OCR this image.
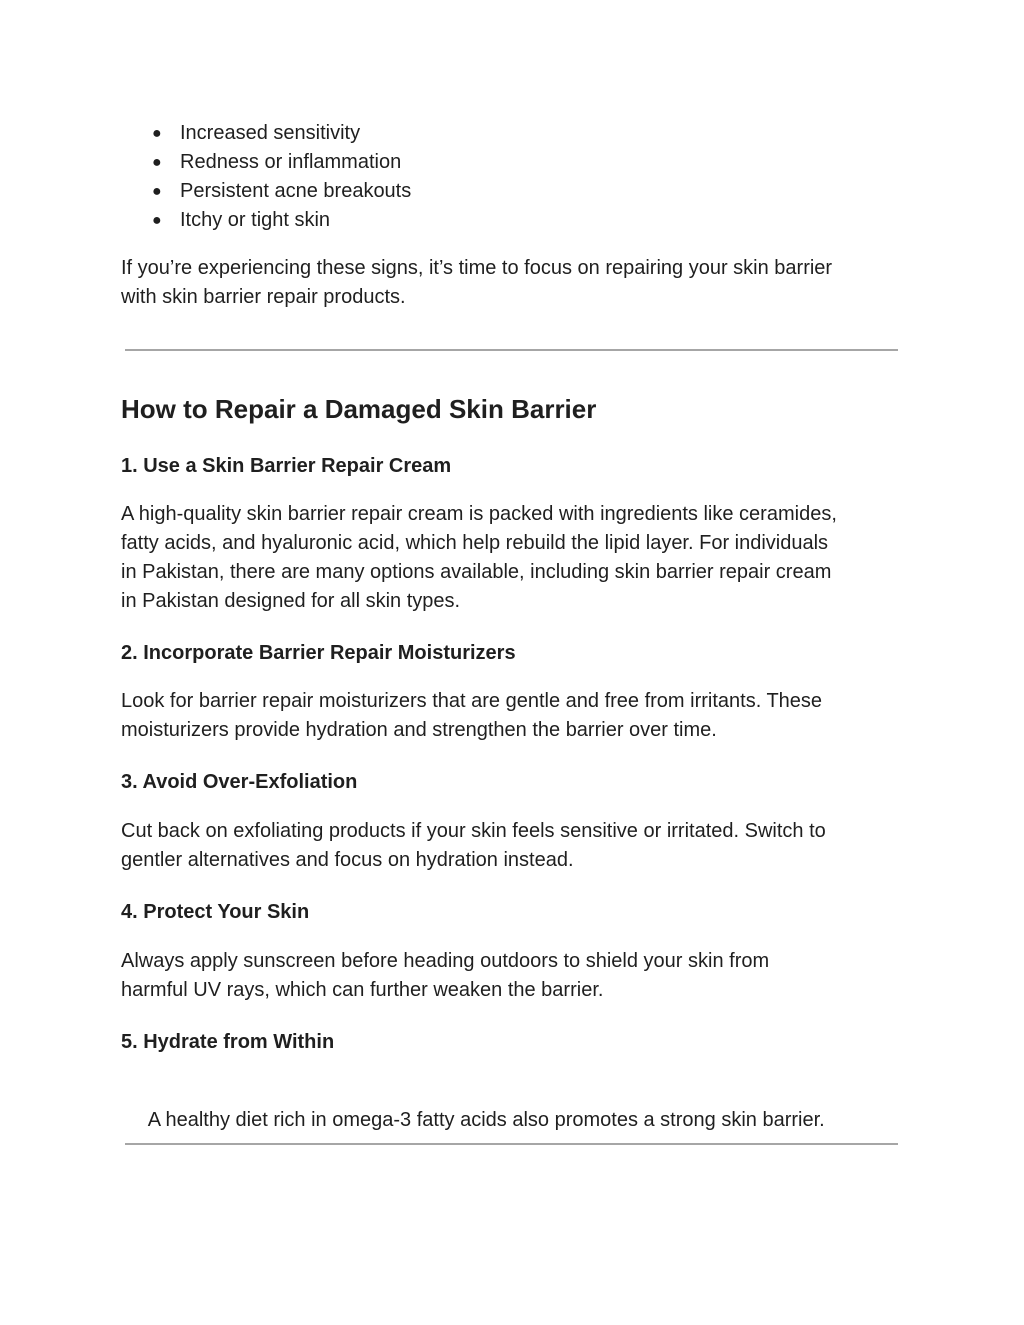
● Increased sensitivity
● Redness or inflammation
● Persistent acne breakouts
● Itchy or tight skin

If you’re experiencing these signs, it’s time to focus on repairing your skin barrier
with skin barrier repair products.

How to Repair a Damaged Skin Barrier
1. Use a Skin Barrier Repair Cream

A high-quality skin barrier repair cream is packed with ingredients like ceramides,
fatty acids, and hyaluronic acid, which help rebuild the lipid layer. For individuals
in Pakistan, there are many options available, including skin barrier repair cream
in Pakistan designed for all skin types.

2. Incorporate Barrier Repair Moisturizers

Look for barrier repair moisturizers that are gentle and free from irritants. These
moisturizers provide hydration and strengthen the barrier over time.

3. Avoid Over-Exfoliation

Cut back on exfoliating products if your skin feels sensitive or irritated. Switch to
gentler alternatives and focus on hydration instead.

4. Protect Your Skin

Always apply sunscreen before heading outdoors to shield your skin from
harmful UV rays, which can further weaken the barrier.

5. Hydrate from Within

A healthy diet rich in omega-3 fatty acids also promotes a strong skin barrier.
